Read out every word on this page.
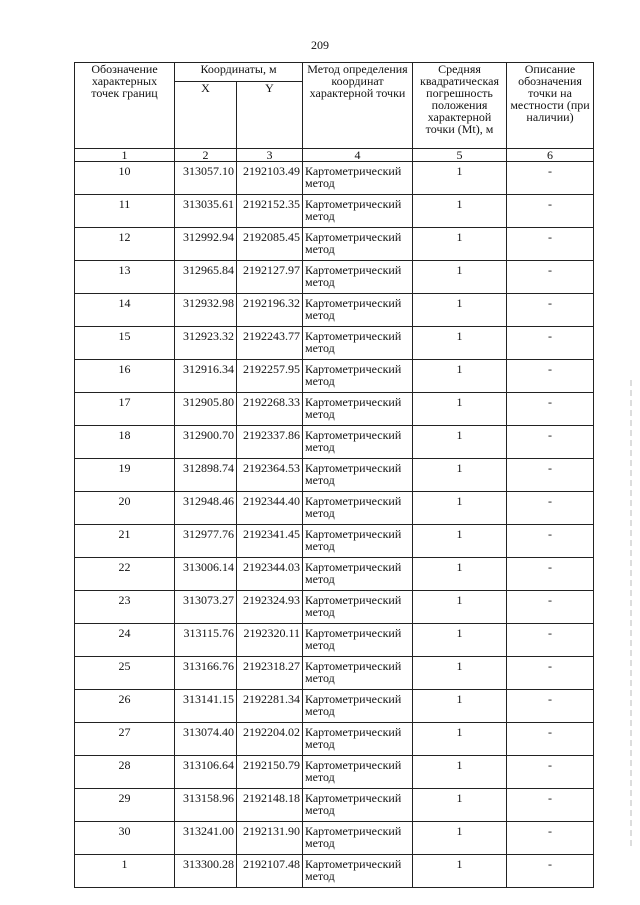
209
Обозначение характерных точек границ	Координаты, м		Метод определения координат характерной точки	Средняя квадратическая погрешность положения характерной точки (Mt), м	Описание обозначения точки на местности (при наличии)
	X	Y			
1	2	3	4	5	6
10	313057.10	2192103.49	Картометрический метод	1	-
11	313035.61	2192152.35	Картометрический метод	1	-
12	312992.94	2192085.45	Картометрический метод	1	-
13	312965.84	2192127.97	Картометрический метод	1	-
14	312932.98	2192196.32	Картометрический метод	1	-
15	312923.32	2192243.77	Картометрический метод	1	-
16	312916.34	2192257.95	Картометрический метод	1	-
17	312905.80	2192268.33	Картометрический метод	1	-
18	312900.70	2192337.86	Картометрический метод	1	-
19	312898.74	2192364.53	Картометрический метод	1	-
20	312948.46	2192344.40	Картометрический метод	1	-
21	312977.76	2192341.45	Картометрический метод	1	-
22	313006.14	2192344.03	Картометрический метод	1	-
23	313073.27	2192324.93	Картометрический метод	1	-
24	313115.76	2192320.11	Картометрический метод	1	-
25	313166.76	2192318.27	Картометрический метод	1	-
26	313141.15	2192281.34	Картометрический метод	1	-
27	313074.40	2192204.02	Картометрический метод	1	-
28	313106.64	2192150.79	Картометрический метод	1	-
29	313158.96	2192148.18	Картометрический метод	1	-
30	313241.00	2192131.90	Картометрический метод	1	-
1	313300.28	2192107.48	Картометрический метод	1	-
